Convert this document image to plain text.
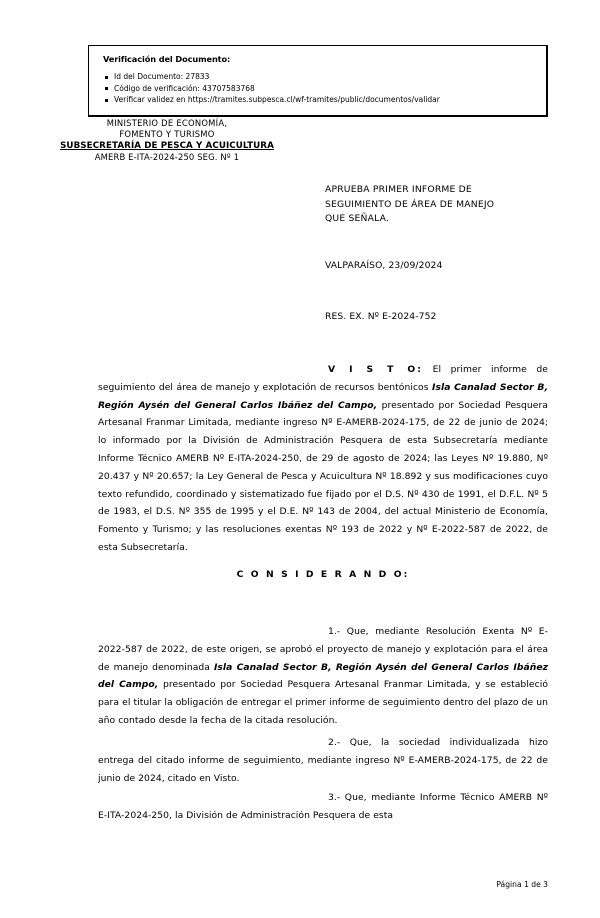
Verificación del Documento:
Id del Documento: 27833
Código de verificación: 43707583768
Verificar validez en https://tramites.subpesca.cl/wf-tramites/public/documentos/validar
MINISTERIO DE ECONOMÍA,
FOMENTO Y TURISMO
SUBSECRETARÍA DE PESCA Y ACUICULTURA
AMERB E-ITA-2024-250 SEG. Nº 1
APRUEBA PRIMER INFORME DE
SEGUIMIENTO DE ÁREA DE MANEJO
QUE SEÑALA.
VALPARAÍSO, 23/09/2024
RES. EX. Nº E-2024-752

V I S T O: El primer informe de seguimiento del área de manejo y explotación de recursos bentónicos Isla Canalad Sector B, Región Aysén del General Carlos Ibáñez del Campo, presentado por Sociedad Pesquera Artesanal Franmar Limitada, mediante ingreso Nº E-AMERB-2024-175, de 22 de junio de 2024; lo informado por la División de Administración Pesquera de esta Subsecretaría mediante Informe Técnico AMERB Nº E-ITA-2024-250, de 29 de agosto de 2024; las Leyes Nº 19.880, Nº 20.437 y Nº 20.657; la Ley General de Pesca y Acuicultura Nº 18.892 y sus modificaciones cuyo texto refundido, coordinado y sistematizado fue fijado por el D.S. Nº 430 de 1991, el D.F.L. Nº 5 de 1983, el D.S. Nº 355 de 1995 y el D.E. Nº 143 de 2004, del actual Ministerio de Economía, Fomento y Turismo; y las resoluciones exentas Nº 193 de 2022 y Nº E-2022-587 de 2022, de esta Subsecretaría.

C O N S I D E R A N D O:

1.- Que, mediante Resolución Exenta Nº E-2022-587 de 2022, de este origen, se aprobó el proyecto de manejo y explotación para el área de manejo denominada Isla Canalad Sector B, Región Aysén del General Carlos Ibáñez del Campo, presentado por Sociedad Pesquera Artesanal Franmar Limitada, y se estableció para el titular la obligación de entregar el primer informe de seguimiento dentro del plazo de un año contado desde la fecha de la citada resolución.

2.- Que, la sociedad individualizada hizo entrega del citado informe de seguimiento, mediante ingreso Nº E-AMERB-2024-175, de 22 de junio de 2024, citado en Visto.

3.- Que, mediante Informe Técnico AMERB Nº E-ITA-2024-250, la División de Administración Pesquera de esta

Página 1 de 3
